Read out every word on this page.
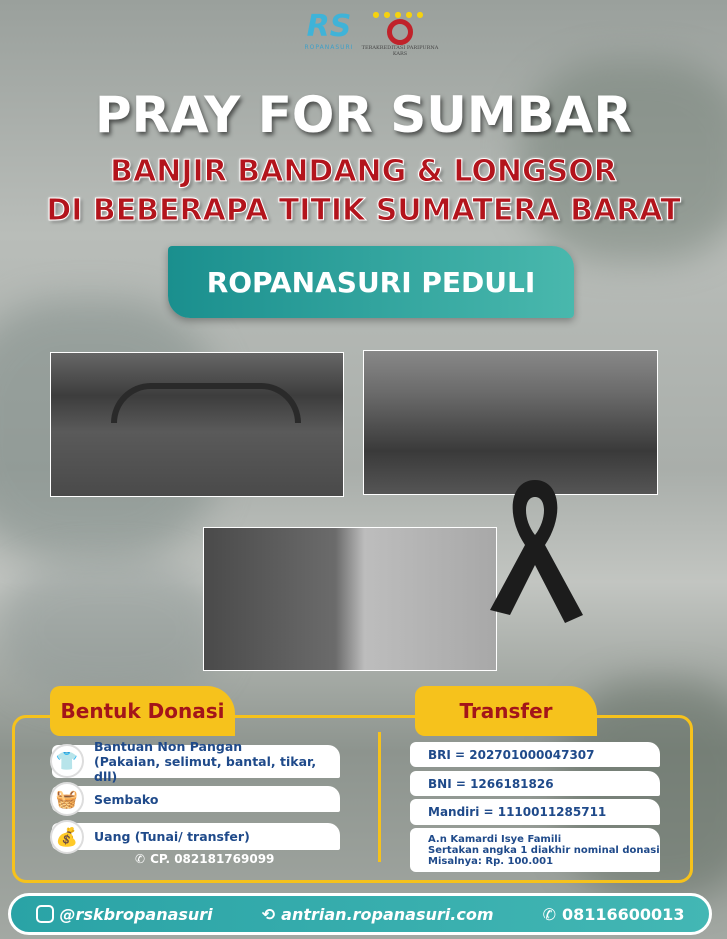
RS
ROPANASURI
●●●●●
TERAKREDITASI PARIPURNA
KARS
PRAY FOR SUMBAR
BANJIR BANDANG & LONGSOR
DI BEBERAPA TITIK SUMATERA BARAT
ROPANASURI PEDULI
Bentuk Donasi	Transfer
Bantuan Non Pangan
(Pakaian, selimut, bantal, tikar, dll)
Sembako
Uang (Tunai/ transfer)
👕
🧺
💰
✆ CP. 082181769099
BRI = 202701000047307
BNI = 1266181826
Mandiri = 1110011285711
A.n Kamardi Isye Famili
Sertakan angka 1 diakhir nominal donasi
Misalnya: Rp. 100.001
@rskbropanasuri	⟲ antrian.ropanasuri.com	✆ 08116600013
